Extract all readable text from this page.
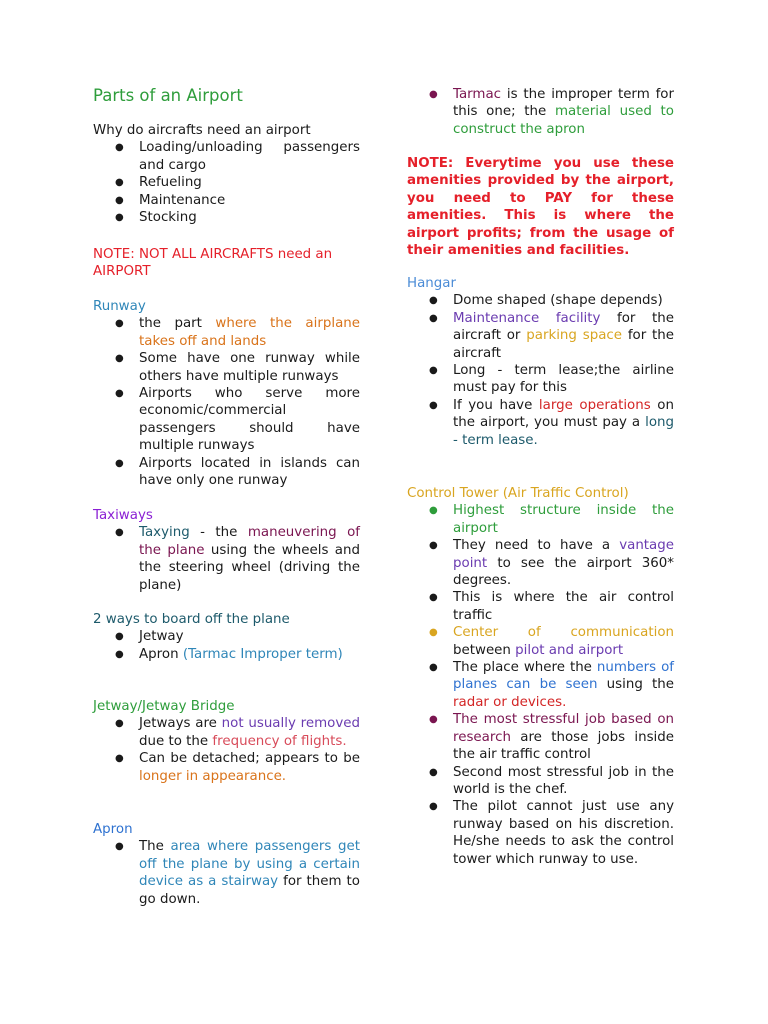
Parts of an Airport
Why do aircrafts need an airport
● Loading/unloading passengers and cargo
● Refueling
● Maintenance
● Stocking
NOTE: NOT ALL AIRCRAFTS need an AIRPORT
Runway
● the part where the airplane takes off and lands
● Some have one runway while others have multiple runways
● Airports who serve more economic/commercial passengers should have multiple runways
● Airports located in islands can have only one runway
Taxiways
● Taxying - the maneuvering of the plane using the wheels and the steering wheel (driving the plane)
2 ways to board off the plane
● Jetway
● Apron (Tarmac Improper term)
Jetway/Jetway Bridge
● Jetways are not usually removed due to the frequency of flights.
● Can be detached; appears to be longer in appearance.
Apron
● The area where passengers get off the plane by using a certain device as a stairway for them to go down.
● Tarmac is the improper term for this one; the material used to construct the apron
NOTE: Everytime you use these amenities provided by the airport, you need to PAY for these amenities. This is where the airport profits; from the usage of their amenities and facilities.
Hangar
● Dome shaped (shape depends)
● Maintenance facility for the aircraft or parking space for the aircraft
● Long - term lease;the airline must pay for this
● If you have large operations on the airport, you must pay a long - term lease.
Control Tower (Air Traffic Control)
● Highest structure inside the airport
● They need to have a vantage point to see the airport 360* degrees.
● This is where the air control traffic
● Center of communication between pilot and airport
● The place where the numbers of planes can be seen using the radar or devices.
● The most stressful job based on research are those jobs inside the air traffic control
● Second most stressful job in the world is the chef.
● The pilot cannot just use any runway based on his discretion. He/she needs to ask the control tower which runway to use.
